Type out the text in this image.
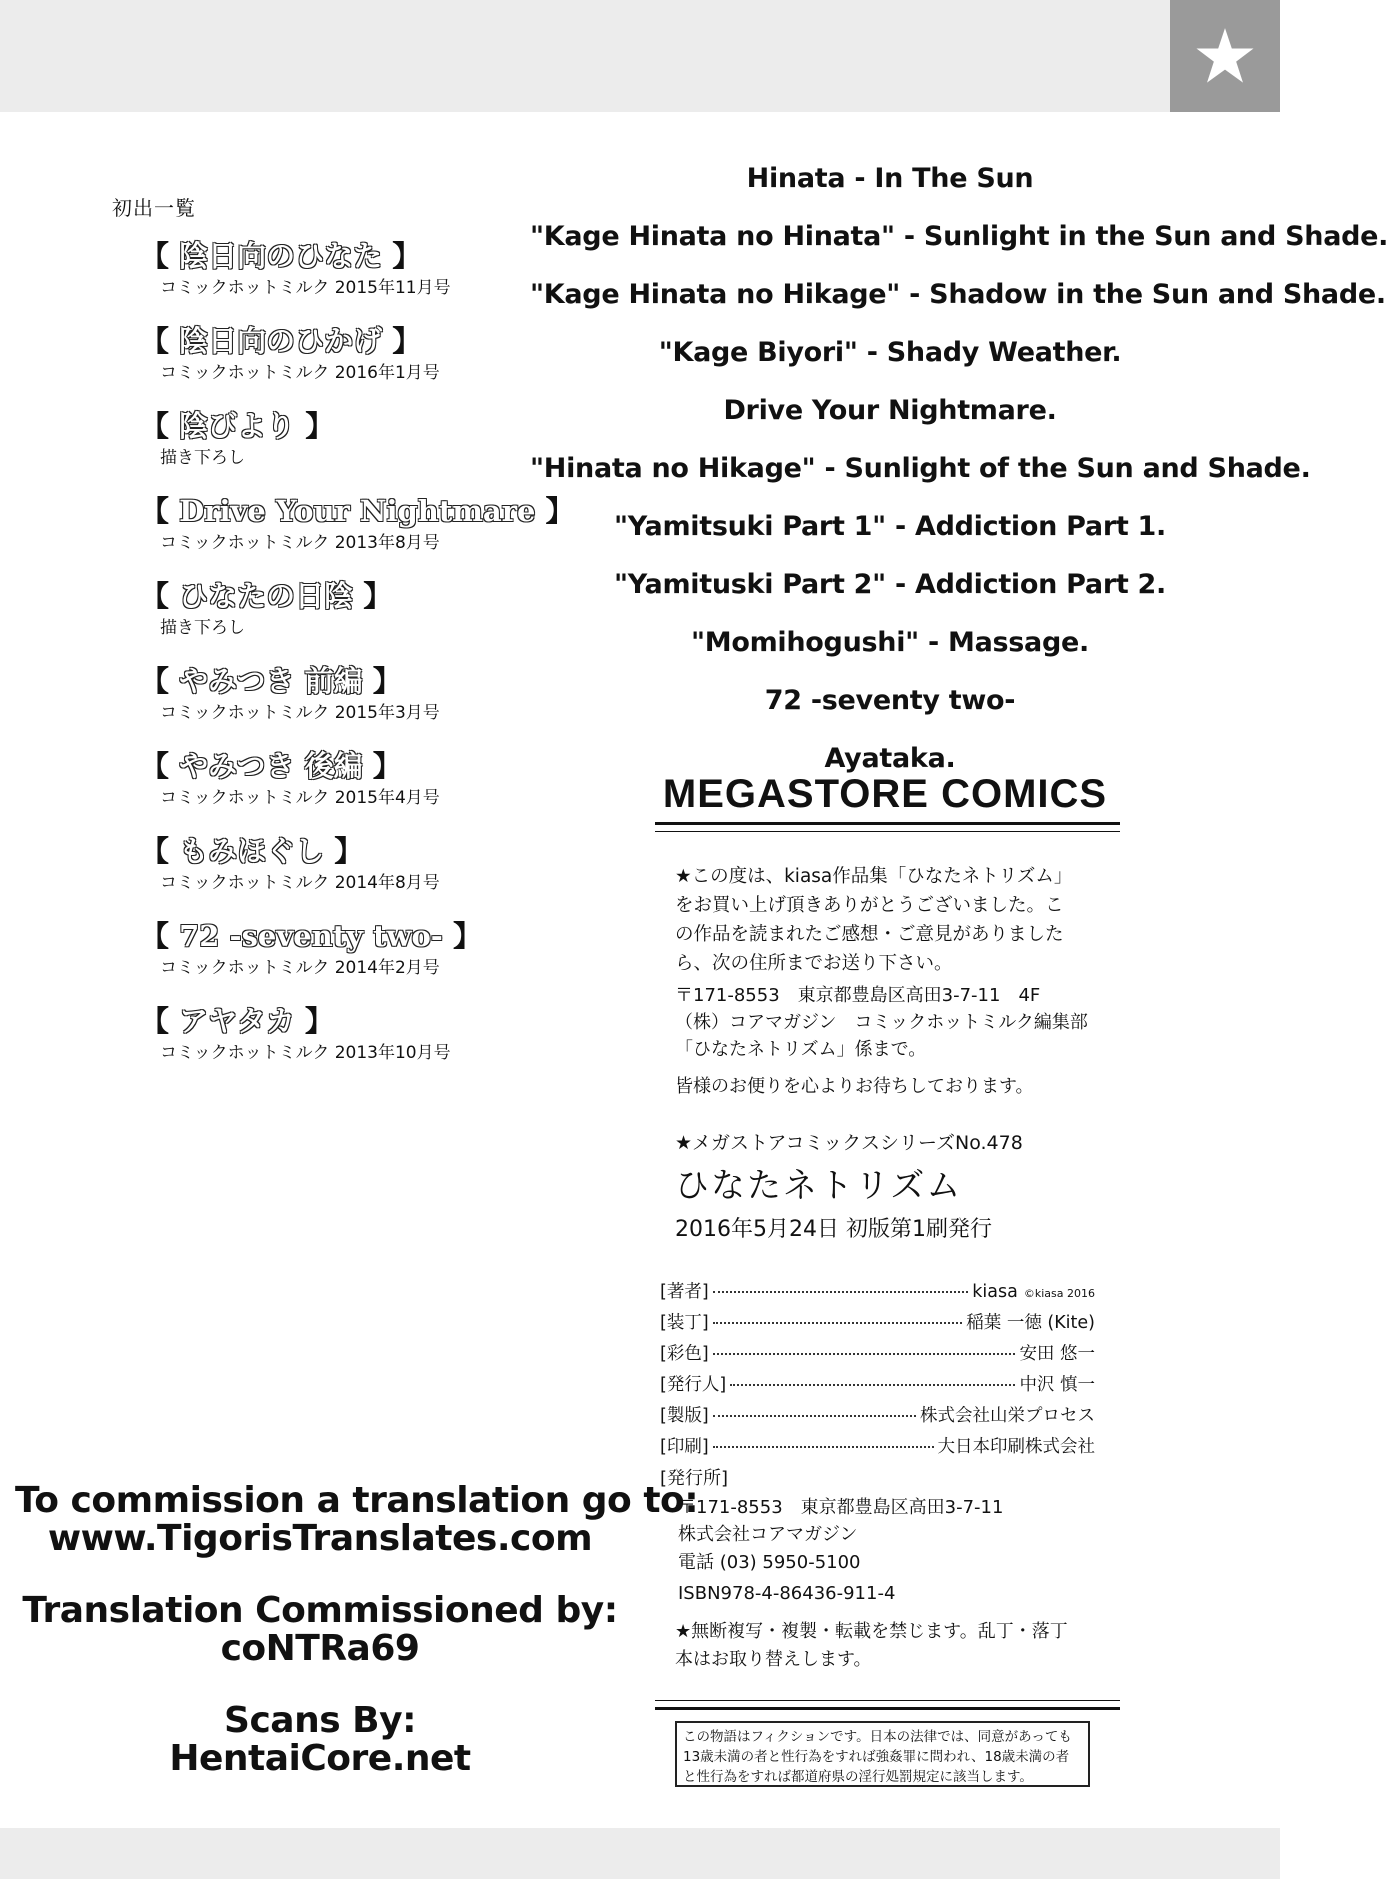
初出一覧
【 陰日向のひなた 】
コミックホットミルク 2015年11月号
【 陰日向のひかげ 】
コミックホットミルク 2016年1月号
【 陰びより 】
描き下ろし
【 Drive Your Nightmare 】
コミックホットミルク 2013年8月号
【 ひなたの日陰 】
描き下ろし
【 やみつき 前編 】
コミックホットミルク 2015年3月号
【 やみつき 後編 】
コミックホットミルク 2015年4月号
【 もみほぐし 】
コミックホットミルク 2014年8月号
【 72 -seventy two- 】
コミックホットミルク 2014年2月号
【 アヤタカ 】
コミックホットミルク 2013年10月号
Hinata - In The Sun
"Kage Hinata no Hinata" - Sunlight in the Sun and Shade.
"Kage Hinata no Hikage" - Shadow in the Sun and Shade.
"Kage Biyori" - Shady Weather.
Drive Your Nightmare.
"Hinata no Hikage" - Sunlight of the Sun and Shade.
"Yamitsuki Part 1" - Addiction Part 1.
"Yamituski Part 2" - Addiction Part 2.
"Momihogushi" - Massage.
72 -seventy two-
Ayataka.
MEGASTORE COMICS
★この度は、kiasa作品集「ひなたネトリズム」
をお買い上げ頂きありがとうございました。こ
の作品を読まれたご感想・ご意見がありました
ら、次の住所までお送り下さい。
〒171-8553　東京都豊島区高田3-7-11　4F
（株）コアマガジン　コミックホットミルク編集部
「ひなたネトリズム」係まで。
皆様のお便りを心よりお待ちしております。
★メガストアコミックスシリーズNo.478
ひなたネトリズム
2016年5月24日 初版第1刷発行
[著者]	kiasa ©kiasa 2016
[装丁]	稲葉 一徳 (Kite)
[彩色]	安田 悠一
[発行人]	中沢 慎一
[製版]	株式会社山栄プロセス
[印刷]	大日本印刷株式会社
[発行所]
〒171-8553　東京都豊島区高田3-7-11
株式会社コアマガジン
電話 (03) 5950-5100
ISBN978-4-86436-911-4
★無断複写・複製・転載を禁じます。乱丁・落丁
本はお取り替えします。
この物語はフィクションです。日本の法律では、同意があっても
13歳未満の者と性行為をすれば強姦罪に問われ、18歳未満の者
と性行為をすれば都道府県の淫行処罰規定に該当します。
To commission a translation go to:
www.TigorisTranslates.com
Translation Commissioned by:
coNTRa69
Scans By:
HentaiCore.net
